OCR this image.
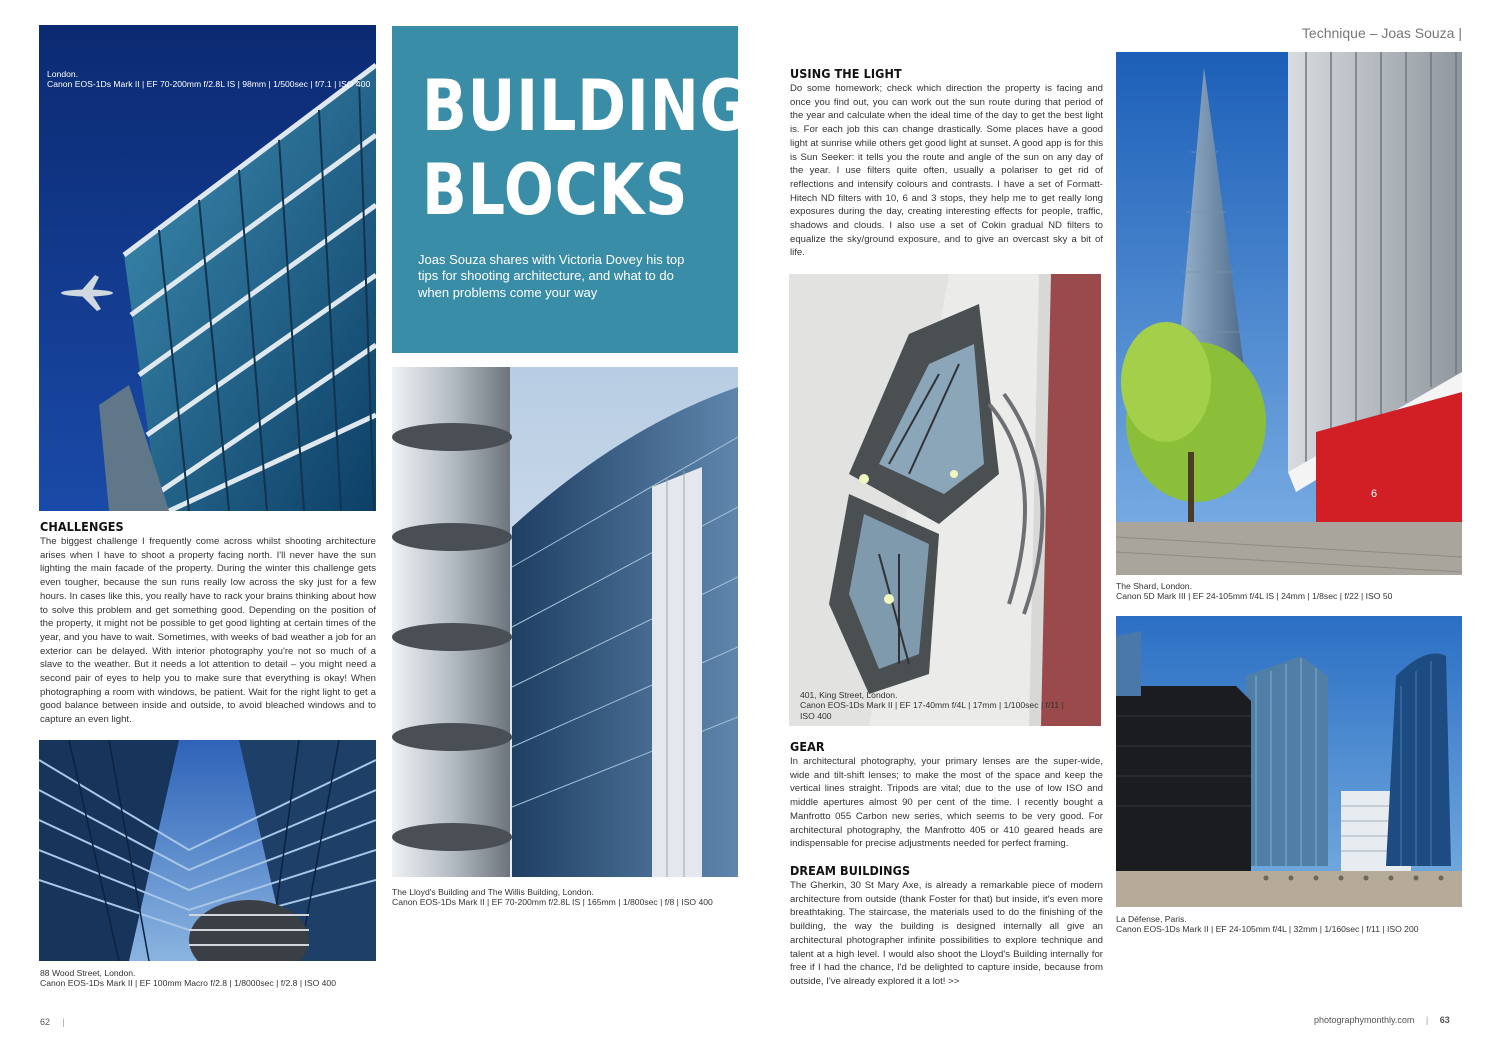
Technique – Joas Souza |
London.
Canon EOS-1Ds Mark II | EF 70-200mm f/2.8L IS | 98mm | 1/500sec | f/7.1 | ISO 400 BUILDING
BLOCKS

Joas Souza shares with Victoria Dovey his top tips for shooting architecture, and what to do when problems come your way

CHALLENGES

The biggest challenge I frequently come across whilst shooting architecture arises when I have to shoot a property facing north. I'll never have the sun lighting the main facade of the property. During the winter this challenge gets even tougher, because the sun runs really low across the sky just for a few hours. In cases like this, you really have to rack your brains thinking about how to solve this problem and get something good. Depending on the position of the property, it might not be possible to get good lighting at certain times of the year, and you have to wait. Sometimes, with weeks of bad weather a job for an exterior can be delayed. With interior photography you're not so much of a slave to the weather. But it needs a lot attention to detail – you might need a second pair of eyes to help you to make sure that everything is okay! When photographing a room with windows, be patient. Wait for the right light to get a good balance between inside and outside, to avoid bleached windows and to capture an even light.

88 Wood Street, London.
Canon EOS-1Ds Mark II | EF 100mm Macro f/2.8 | 1/8000sec | f/2.8 | ISO 400
The Lloyd's Building and The Willis Building, London.
Canon EOS-1Ds Mark II | EF 70-200mm f/2.8L IS | 165mm | 1/800sec | f/8 | ISO 400
62 |
USING THE LIGHT

Do some homework; check which direction the property is facing and once you find out, you can work out the sun route during that period of the year and calculate when the ideal time of the day to get the best light is. For each job this can change drastically. Some places have a good light at sunrise while others get good light at sunset. A good app is for this is Sun Seeker: it tells you the route and angle of the sun on any day of the year. I use filters quite often, usually a polariser to get rid of reflections and intensify colours and contrasts. I have a set of Formatt-Hitech ND filters with 10, 6 and 3 stops, they help me to get really long exposures during the day, creating interesting effects for people, traffic, shadows and clouds. I also use a set of Cokin gradual ND filters to equalize the sky/ground exposure, and to give an overcast sky a bit of life.

401, King Street, London.
Canon EOS-1Ds Mark II | EF 17-40mm f/4L | 17mm | 1/100sec | f/11 |
ISO 400
GEAR

In architectural photography, your primary lenses are the super-wide, wide and tilt-shift lenses; to make the most of the space and keep the vertical lines straight. Tripods are vital; due to the use of low ISO and middle apertures almost 90 per cent of the time. I recently bought a Manfrotto 055 Carbon new series, which seems to be very good. For architectural photography, the Manfrotto 405 or 410 geared heads are indispensable for precise adjustments needed for perfect framing.

DREAM BUILDINGS

The Gherkin, 30 St Mary Axe, is already a remarkable piece of modern architecture from outside (thank Foster for that) but inside, it's even more breathtaking. The staircase, the materials used to do the finishing of the building, the way the building is designed internally all give an architectural photographer infinite possibilities to explore technique and talent at a high level. I would also shoot the Lloyd's Building internally for free if I had the chance, I'd be delighted to capture inside, because from outside, I've already explored it a lot! >>

6
The Shard, London.
Canon 5D Mark III | EF 24-105mm f/4L IS | 24mm | 1/8sec | f/22 | ISO 50
La Défense, Paris.
Canon EOS-1Ds Mark II | EF 24-105mm f/4L | 32mm | 1/160sec | f/11 | ISO 200
photographymonthly.com | 63
